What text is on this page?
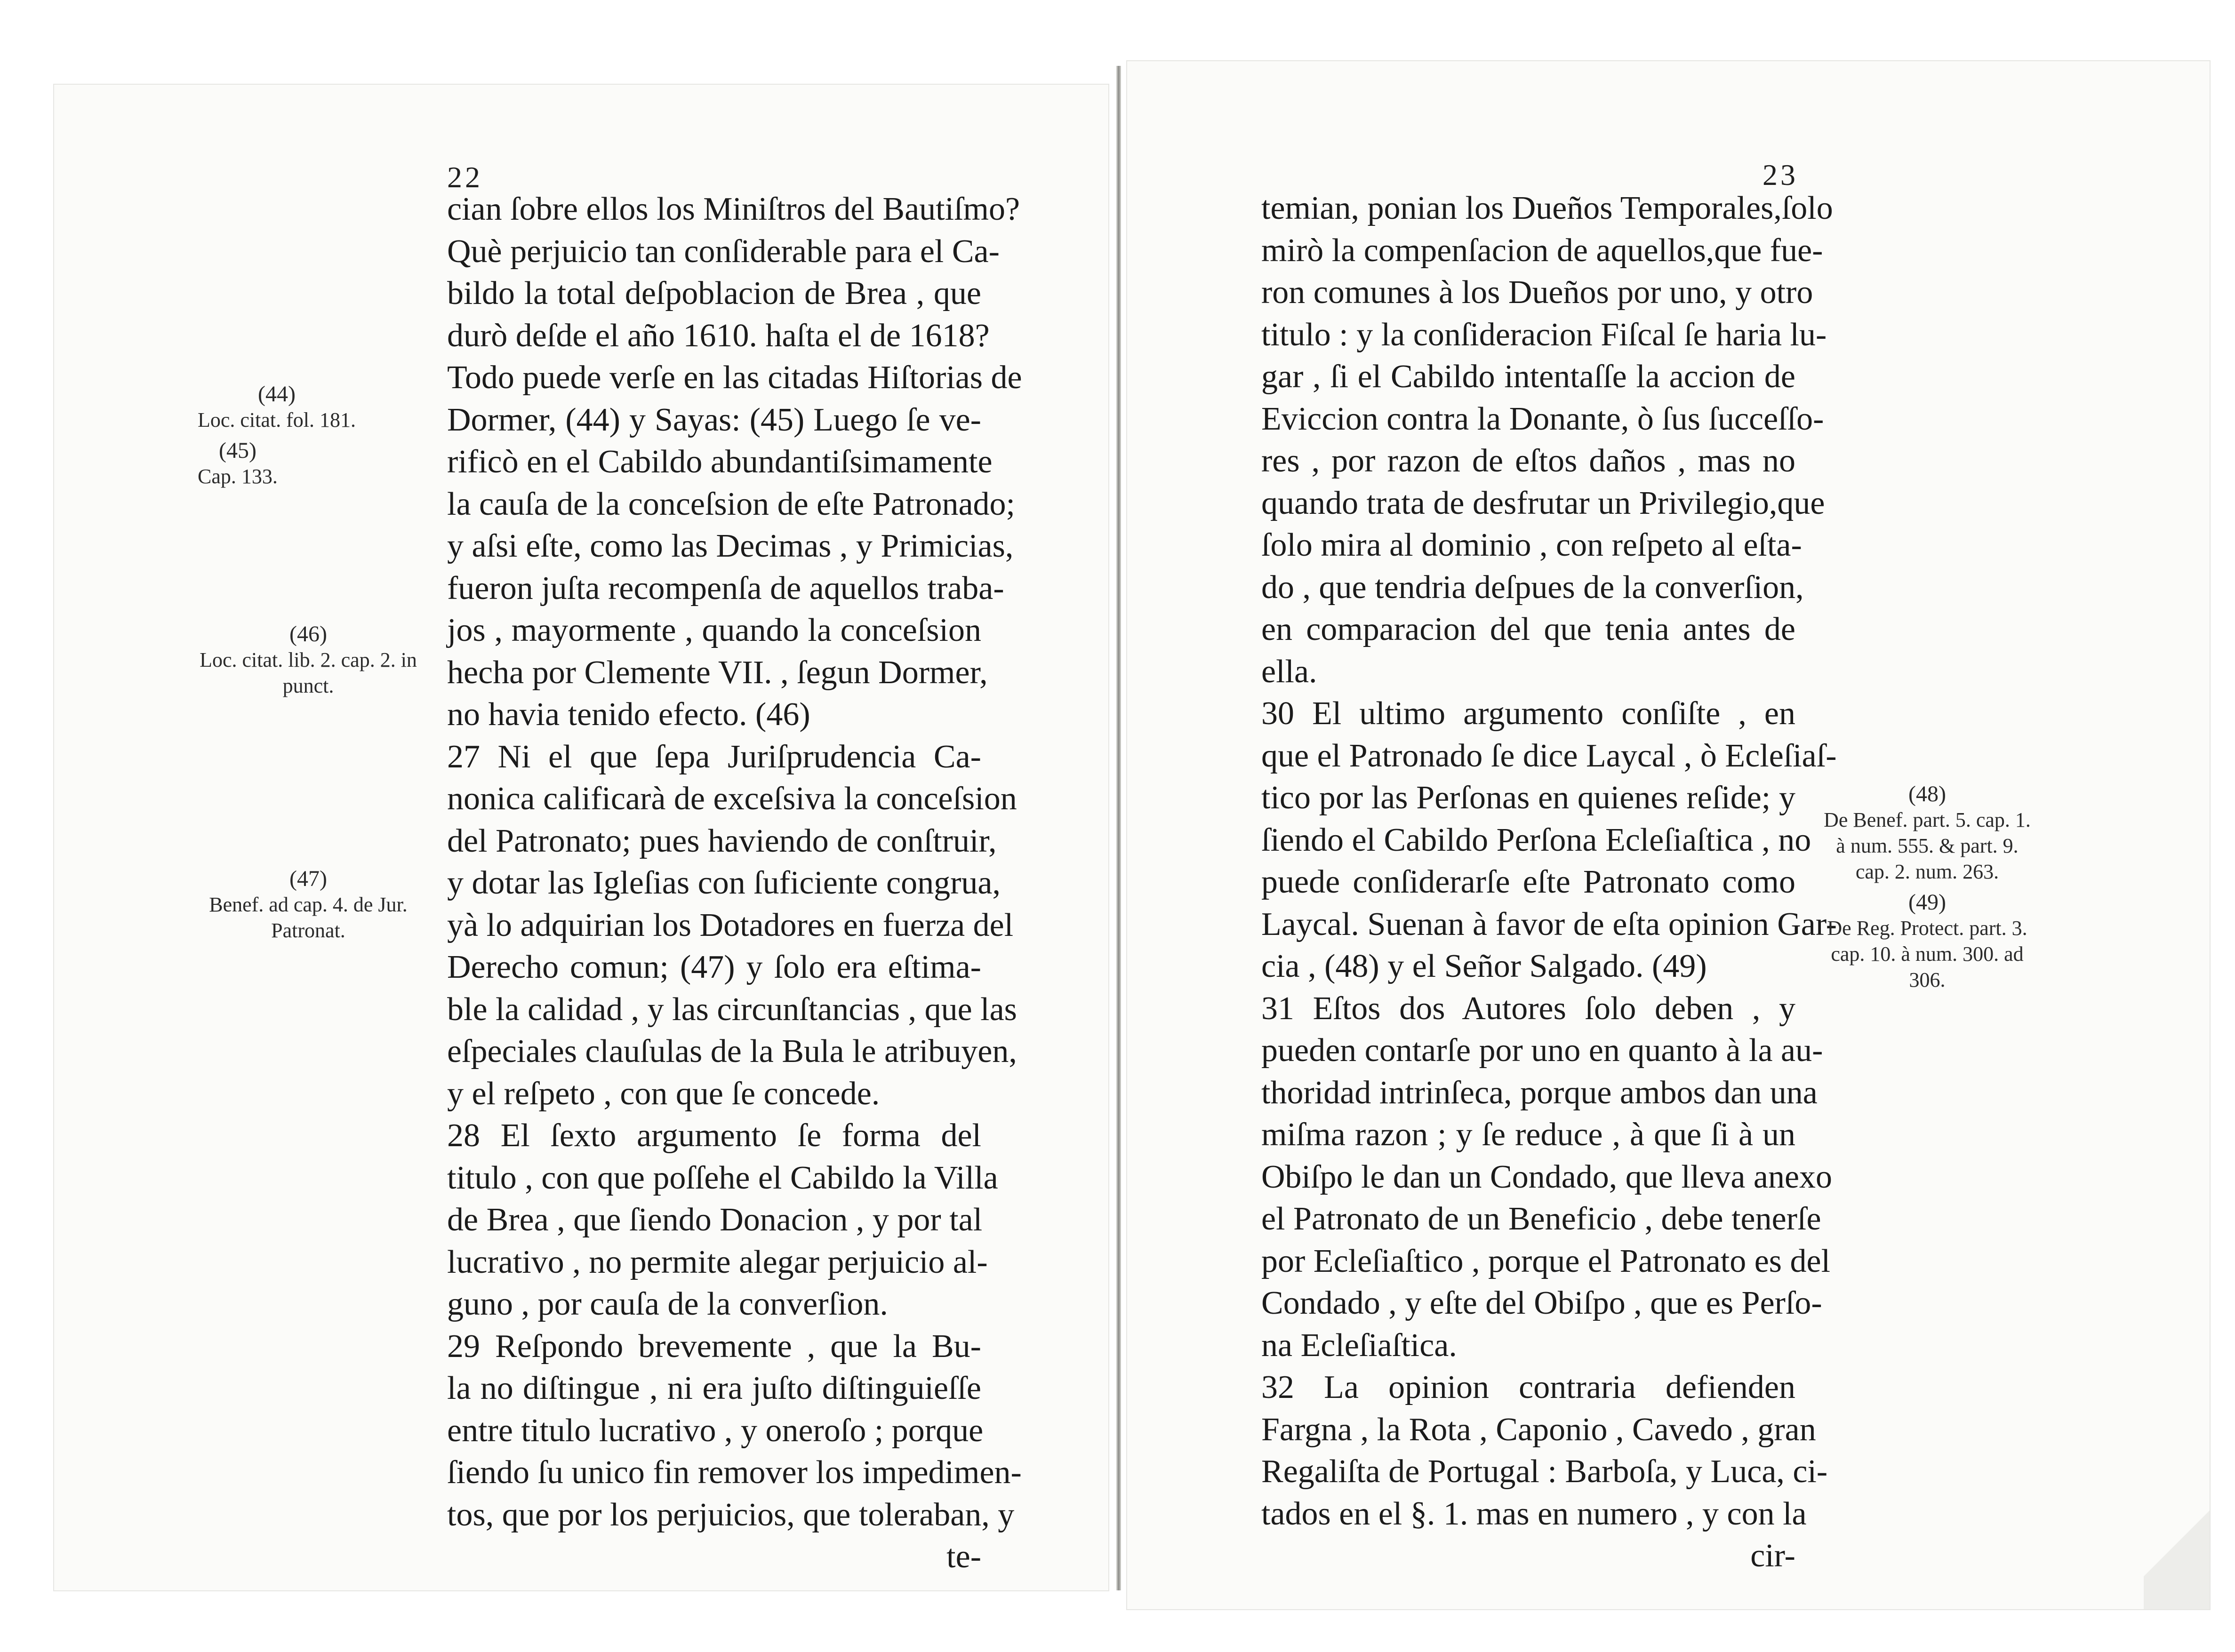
22
cian ſobre ellos los Miniſtros del Bautiſmo?
Què perjuicio tan conſiderable para el Ca-
bildo la total deſpoblacion de Brea , que
durò deſde el año 1610. haſta el de 1618?
Todo puede verſe en las citadas Hiſtorias de
Dormer, (44) y Sayas: (45) Luego ſe ve-
rificò en el Cabildo abundantiſsimamente
la cauſa de la conceſsion de eſte Patronado;
y aſsi eſte, como las Decimas , y Primicias,
fueron juſta recompenſa de aquellos traba-
jos , mayormente , quando la conceſsion
hecha por Clemente VII. , ſegun Dormer,
no havia tenido efecto. (46)
27 Ni el que ſepa Juriſprudencia Ca-
nonica calificarà de exceſsiva la conceſsion
del Patronato; pues haviendo de conſtruir,
y dotar las Igleſias con ſuficiente congrua,
yà lo adquirian los Dotadores en fuerza del
Derecho comun; (47) y ſolo era eſtima-
ble la calidad , y las circunſtancias , que las
eſpeciales clauſulas de la Bula le atribuyen,
y el reſpeto , con que ſe concede.
28 El ſexto argumento ſe forma del
titulo , con que poſſehe el Cabildo la Villa
de Brea , que ſiendo Donacion , y por tal
lucrativo , no permite alegar perjuicio al-
guno , por cauſa de la converſion.
29 Reſpondo brevemente , que la Bu-
la no diſtingue , ni era juſto diſtinguieſſe
entre titulo lucrativo , y oneroſo ; porque
ſiendo ſu unico fin remover los impedimen-
tos, que por los perjuicios, que toleraban, y
te-
(44)
Loc. citat. fol. 181.
(45)
Cap. 133.
(46)
Loc. citat. lib. 2. cap. 2. in punct.
(47)
Benef. ad cap. 4. de Jur. Patronat.
23
temian, ponian los Dueños Temporales,ſolo
mirò la compenſacion de aquellos,que fue-
ron comunes à los Dueños por uno, y otro
titulo : y la conſideracion Fiſcal ſe haria lu-
gar , ſi el Cabildo intentaſſe la accion de
Eviccion contra la Donante, ò ſus ſucceſſo-
res , por razon de eſtos daños , mas no
quando trata de desfrutar un Privilegio,que
ſolo mira al dominio , con reſpeto al eſta-
do , que tendria deſpues de la converſion,
en comparacion del que tenia antes de
ella.
30 El ultimo argumento conſiſte , en
que el Patronado ſe dice Laycal , ò Ecleſiaſ-
tico por las Perſonas en quienes reſide; y
ſiendo el Cabildo Perſona Ecleſiaſtica , no
puede conſiderarſe eſte Patronato como
Laycal. Suenan à favor de eſta opinion Gar-
cia , (48) y el Señor Salgado. (49)
31 Eſtos dos Autores ſolo deben , y
pueden contarſe por uno en quanto à la au-
thoridad intrinſeca, porque ambos dan una
miſma razon ; y ſe reduce , à que ſi à un
Obiſpo le dan un Condado, que lleva anexo
el Patronato de un Beneficio , debe tenerſe
por Ecleſiaſtico , porque el Patronato es del
Condado , y eſte del Obiſpo , que es Perſo-
na Ecleſiaſtica.
32 La opinion contraria defienden
Fargna , la Rota , Caponio , Cavedo , gran
Regaliſta de Portugal : Barboſa, y Luca, ci-
tados en el §. 1. mas en numero , y con la
cir-
(48)
De Benef. part. 5. cap. 1. à num. 555. & part. 9. cap. 2. num. 263.
(49)
De Reg. Protect. part. 3. cap. 10. à num. 300. ad 306.
